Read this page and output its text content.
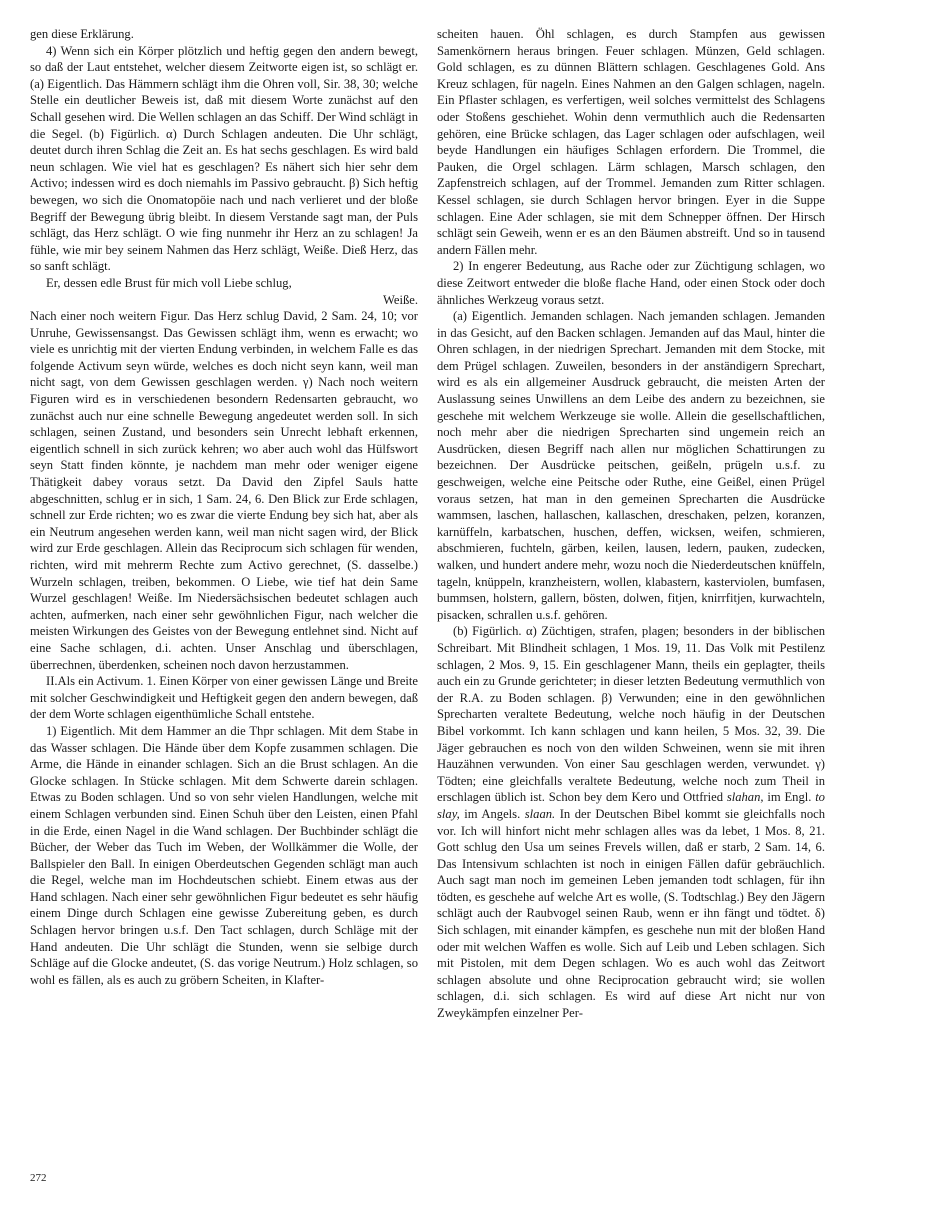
gen diese Erklärung.

4) Wenn sich ein Körper plötzlich und heftig gegen den andern bewegt, so daß der Laut entstehet, welcher diesem Zeitworte eigen ist, so schlägt er. (a) Eigentlich. Das Hämmern schlägt ihm die Ohren voll, Sir. 38, 30; welche Stelle ein deutlicher Beweis ist, daß mit diesem Worte zunächst auf den Schall gesehen wird. Die Wellen schlagen an das Schiff. Der Wind schlägt in die Segel. (b) Figürlich. α) Durch Schlagen andeuten. Die Uhr schlägt, deutet durch ihren Schlag die Zeit an. Es hat sechs geschlagen. Es wird bald neun schlagen. Wie viel hat es geschlagen? Es nähert sich hier sehr dem Activo; indessen wird es doch niemahls im Passivo gebraucht. β) Sich heftig bewegen, wo sich die Onomatopöie nach und nach verlieret und der bloße Begriff der Bewegung übrig bleibt. In diesem Verstande sagt man, der Puls schlägt, das Herz schlägt. O wie fing nunmehr ihr Herz an zu schlagen! Ja fühle, wie mir bey seinem Nahmen das Herz schlägt, Weiße. Dieß Herz, das so sanft schlägt.

Er, dessen edle Brust für mich voll Liebe schlug,

Weiße.

Nach einer noch weitern Figur. Das Herz schlug David, 2 Sam. 24, 10; vor Unruhe, Gewissensangst. Das Gewissen schlägt ihm, wenn es erwacht; wo viele es unrichtig mit der vierten Endung verbinden, in welchem Falle es das folgende Activum seyn würde, welches es doch nicht seyn kann, weil man nicht sagt, von dem Gewissen geschlagen werden. γ) Nach noch weitern Figuren wird es in verschiedenen besondern Redensarten gebraucht, wo zunächst auch nur eine schnelle Bewegung angedeutet werden soll. In sich schlagen, seinen Zustand, und besonders sein Unrecht lebhaft erkennen, eigentlich schnell in sich zurück kehren; wo aber auch wohl das Hülfswort seyn Statt finden könnte, je nachdem man mehr oder weniger eigene Thätigkeit dabey voraus setzt. Da David den Zipfel Sauls hatte abgeschnitten, schlug er in sich, 1 Sam. 24, 6. Den Blick zur Erde schlagen, schnell zur Erde richten; wo es zwar die vierte Endung bey sich hat, aber als ein Neutrum angesehen werden kann, weil man nicht sagen wird, der Blick wird zur Erde geschlagen. Allein das Reciprocum sich schlagen für wenden, richten, wird mit mehrerm Rechte zum Activo gerechnet, (S. dasselbe.) Wurzeln schlagen, treiben, bekommen. O Liebe, wie tief hat dein Same Wurzel geschlagen! Weiße. Im Niedersächsischen bedeutet schlagen auch achten, aufmerken, nach einer sehr gewöhnlichen Figur, nach welcher die meisten Wirkungen des Geistes von der Bewegung entlehnet sind. Nicht auf eine Sache schlagen, d.i. achten. Unser Anschlag und überschlagen, überrechnen, überdenken, scheinen noch davon herzustammen.

II.Als ein Activum. 1. Einen Körper von einer gewissen Länge und Breite mit solcher Geschwindigkeit und Heftigkeit gegen den andern bewegen, daß der dem Worte schlagen eigenthümliche Schall entstehe.

1) Eigentlich. Mit dem Hammer an die Thpr schlagen. Mit dem Stabe in das Wasser schlagen. Die Hände über dem Kopfe zusammen schlagen. Die Arme, die Hände in einander schlagen. Sich an die Brust schlagen. An die Glocke schlagen. In Stücke schlagen. Mit dem Schwerte darein schlagen. Etwas zu Boden schlagen. Und so von sehr vielen Handlungen, welche mit einem Schlagen verbunden sind. Einen Schuh über den Leisten, einen Pfahl in die Erde, einen Nagel in die Wand schlagen. Der Buchbinder schlägt die Bücher, der Weber das Tuch im Weben, der Wollkämmer die Wolle, der Ballspieler den Ball. In einigen Oberdeutschen Gegenden schlägt man auch die Regel, welche man im Hochdeutschen schiebt. Einem etwas aus der Hand schlagen. Nach einer sehr gewöhnlichen Figur bedeutet es sehr häufig einem Dinge durch Schlagen eine gewisse Zubereitung geben, es durch Schlagen hervor bringen u.s.f. Den Tact schlagen, durch Schläge mit der Hand andeuten. Die Uhr schlägt die Stunden, wenn sie selbige durch Schläge auf die Glocke andeutet, (S. das vorige Neutrum.) Holz schlagen, so wohl es fällen, als es auch zu gröbern Scheiten, in Klafter-

scheiten hauen. Öhl schlagen, es durch Stampfen aus gewissen Samenkörnern heraus bringen. Feuer schlagen. Münzen, Geld schlagen. Gold schlagen, es zu dünnen Blättern schlagen. Geschlagenes Gold. Ans Kreuz schlagen, für nageln. Eines Nahmen an den Galgen schlagen, nageln. Ein Pflaster schlagen, es verfertigen, weil solches vermittelst des Schlagens oder Stoßens geschiehet. Wohin denn vermuthlich auch die Redensarten gehören, eine Brücke schlagen, das Lager schlagen oder aufschlagen, weil beyde Handlungen ein häufiges Schlagen erfordern. Die Trommel, die Pauken, die Orgel schlagen. Lärm schlagen, Marsch schlagen, den Zapfenstreich schlagen, auf der Trommel. Jemanden zum Ritter schlagen. Kessel schlagen, sie durch Schlagen hervor bringen. Eyer in die Suppe schlagen. Eine Ader schlagen, sie mit dem Schnepper öffnen. Der Hirsch schlägt sein Geweih, wenn er es an den Bäumen abstreift. Und so in tausend andern Fällen mehr.

2) In engerer Bedeutung, aus Rache oder zur Züchtigung schlagen, wo diese Zeitwort entweder die bloße flache Hand, oder einen Stock oder doch ähnliches Werkzeug voraus setzt.

(a) Eigentlich. Jemanden schlagen. Nach jemanden schlagen. Jemanden in das Gesicht, auf den Backen schlagen. Jemanden auf das Maul, hinter die Ohren schlagen, in der niedrigen Sprechart. Jemanden mit dem Stocke, mit dem Prügel schlagen. Zuweilen, besonders in der anständigern Sprechart, wird es als ein allgemeiner Ausdruck gebraucht, die meisten Arten der Auslassung seines Unwillens an dem Leibe des andern zu bezeichnen, sie geschehe mit welchem Werkzeuge sie wolle. Allein die gesellschaftlichen, noch mehr aber die niedrigen Sprecharten sind ungemein reich an Ausdrücken, diesen Begriff nach allen nur möglichen Schattirungen zu bezeichnen. Der Ausdrücke peitschen, geißeln, prügeln u.s.f. zu geschweigen, welche eine Peitsche oder Ruthe, eine Geißel, einen Prügel voraus setzen, hat man in den gemeinen Sprecharten die Ausdrücke wammsen, laschen, hallaschen, kallaschen, dreschaken, pelzen, koranzen, karnüffeln, karbatschen, huschen, deffen, wicksen, weifen, schmieren, abschmieren, fuchteln, gärben, keilen, lausen, ledern, pauken, zudecken, walken, und hundert andere mehr, wozu noch die Niederdeutschen knüffeln, tageln, knüppeln, kranzheistern, wollen, klabastern, kasterviolen, bumfasen, bummsen, holstern, gallern, bösten, dolwen, fitjen, knirrfitjen, kurwachteln, pisacken, schrallen u.s.f. gehören.

(b) Figürlich. α) Züchtigen, strafen, plagen; besonders in der biblischen Schreibart. Mit Blindheit schlagen, 1 Mos. 19, 11. Das Volk mit Pestilenz schlagen, 2 Mos. 9, 15. Ein geschlagener Mann, theils ein geplagter, theils auch ein zu Grunde gerichteter; in dieser letzten Bedeutung vermuthlich von der R.A. zu Boden schlagen. β) Verwunden; eine in den gewöhnlichen Sprecharten veraltete Bedeutung, welche noch häufig in der Deutschen Bibel vorkommt. Ich kann schlagen und kann heilen, 5 Mos. 32, 39. Die Jäger gebrauchen es noch von den wilden Schweinen, wenn sie mit ihren Hauzähnen verwunden. Von einer Sau geschlagen werden, verwundet. γ) Tödten; eine gleichfalls veraltete Bedeutung, welche noch zum Theil in erschlagen üblich ist. Schon bey dem Kero und Ottfried slahan, im Engl. to slay, im Angels. slaan. In der Deutschen Bibel kommt sie gleichfalls noch vor. Ich will hinfort nicht mehr schlagen alles was da lebet, 1 Mos. 8, 21. Gott schlug den Usa um seines Frevels willen, daß er starb, 2 Sam. 14, 6. Das Intensivum schlachten ist noch in einigen Fällen dafür gebräuchlich. Auch sagt man noch im gemeinen Leben jemanden todt schlagen, für ihn tödten, es geschehe auf welche Art es wolle, (S. Todtschlag.) Bey den Jägern schlägt auch der Raubvogel seinen Raub, wenn er ihn fängt und tödtet. δ) Sich schlagen, mit einander kämpfen, es geschehe nun mit der bloßen Hand oder mit welchen Waffen es wolle. Sich auf Leib und Leben schlagen. Sich mit Pistolen, mit dem Degen schlagen. Wo es auch wohl das Zeitwort schlagen absolute und ohne Reciprocation gebraucht wird; sie wollen schlagen, d.i. sich schlagen. Es wird auf diese Art nicht nur von Zweykämpfen einzelner Per-

272
